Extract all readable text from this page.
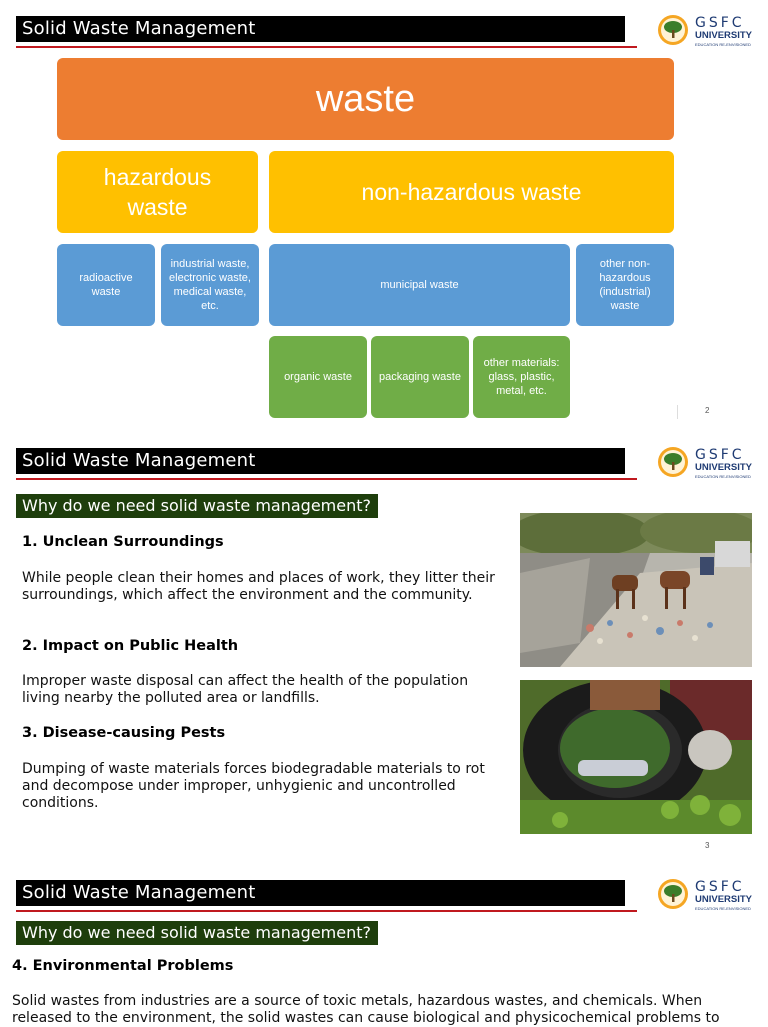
Solid Waste Management	GSFC
UNIVERSITY
EDUCATION RE-ENVISIONED
waste
hazardous waste
non-hazardous waste
radioactive waste
industrial waste, electronic waste, medical waste, etc.
municipal waste
other non-hazardous (industrial) waste
organic waste	packaging waste
other materials: glass, plastic, metal, etc.
2
Solid Waste Management	GSFC
UNIVERSITY
EDUCATION RE-ENVISIONED
Why do we need solid waste management?
1. Unclean Surroundings
While people clean their homes and places of work, they litter their surroundings, which affect the environment and the community.
2. Impact on Public Health
Improper waste disposal can affect the health of the population living nearby the polluted area or landfills.
3. Disease-causing Pests
Dumping of waste materials forces biodegradable materials to rot and decompose under improper, unhygienic and uncontrolled conditions.
3
Solid Waste Management	GSFC
UNIVERSITY
EDUCATION RE-ENVISIONED
Why do we need solid waste management?
4. Environmental Problems
Solid wastes from industries are a source of toxic metals, hazardous wastes, and chemicals. When released to the environment, the solid wastes can cause biological and physicochemical problems to
